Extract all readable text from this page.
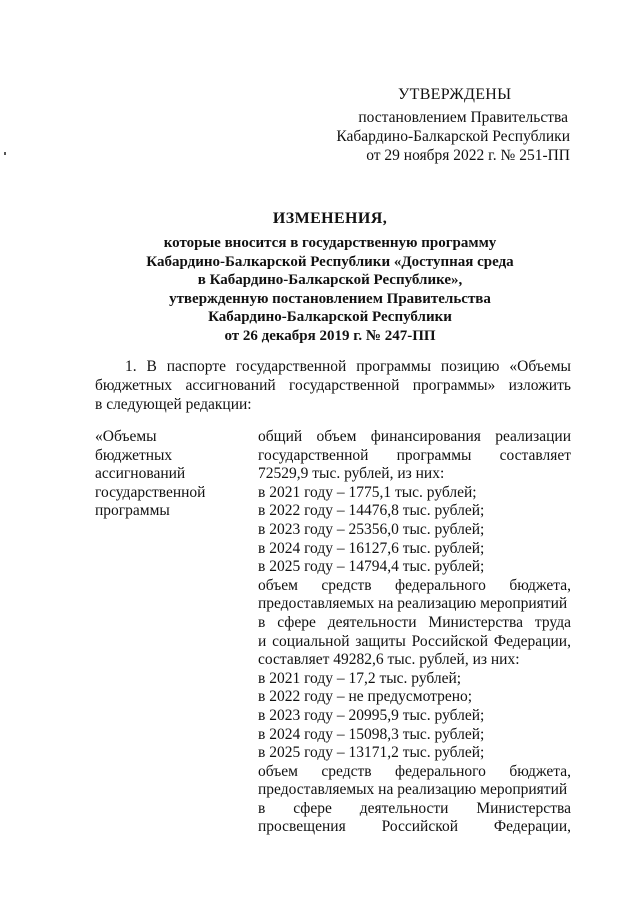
УТВЕРЖДЕНЫ
постановлением Правительства
Кабардино-Балкарской Республики
от 29 ноября 2022 г. № 251-ПП
ИЗМЕНЕНИЯ,
которые вносится в государственную программу
Кабардино-Балкарской Республики «Доступная среда
в Кабардино-Балкарской Республике»,
утвержденную постановлением Правительства
Кабардино-Балкарской Республики
от 26 декабря 2019 г. № 247-ПП
1. В паспорте государственной программы позицию «Объемы
бюджетных ассигнований государственной программы» изложить
в следующей редакции:
«Объемы
бюджетных
ассигнований
государственной
программы
общий объем финансирования реализации
государственной программы составляет
72529,9 тыс. рублей, из них:
в 2021 году – 1775,1 тыс. рублей;
в 2022 году – 14476,8 тыс. рублей;
в 2023 году – 25356,0 тыс. рублей;
в 2024 году – 16127,6 тыс. рублей;
в 2025 году – 14794,4 тыс. рублей;
объем средств федерального бюджета,
предоставляемых на реализацию мероприятий
в сфере деятельности Министерства труда
и социальной защиты Российской Федерации,
составляет 49282,6 тыс. рублей, из них:
в 2021 году – 17,2 тыс. рублей;
в 2022 году – не предусмотрено;
в 2023 году – 20995,9 тыс. рублей;
в 2024 году – 15098,3 тыс. рублей;
в 2025 году – 13171,2 тыс. рублей;
объем средств федерального бюджета,
предоставляемых на реализацию мероприятий
в сфере деятельности Министерства
просвещения Российской Федерации,
